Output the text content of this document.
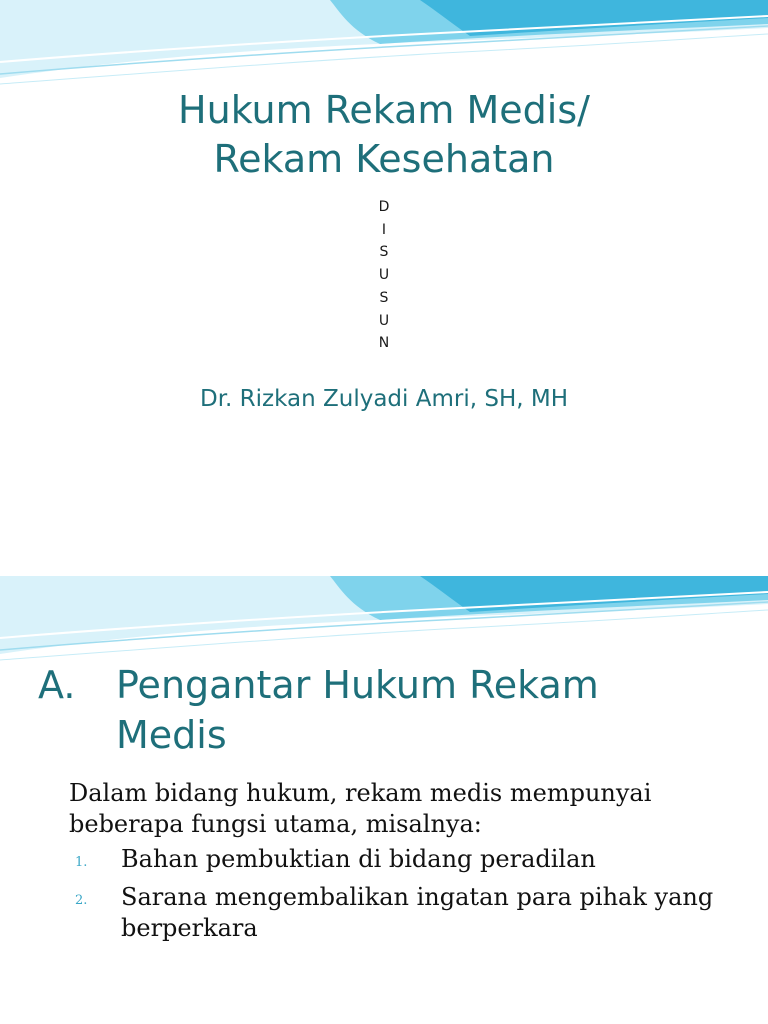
Hukum Rekam Medis/
Rekam Kesehatan
D
I
S
U
S
U
N
Dr. Rizkan Zulyadi Amri, SH, MH
A.	Pengantar Hukum Rekam Medis

Dalam bidang hukum, rekam medis mempunyai beberapa fungsi utama, misalnya:

1.	Bahan pembuktian di bidang peradilan
2.	Sarana mengembalikan ingatan para pihak yang berperkara
